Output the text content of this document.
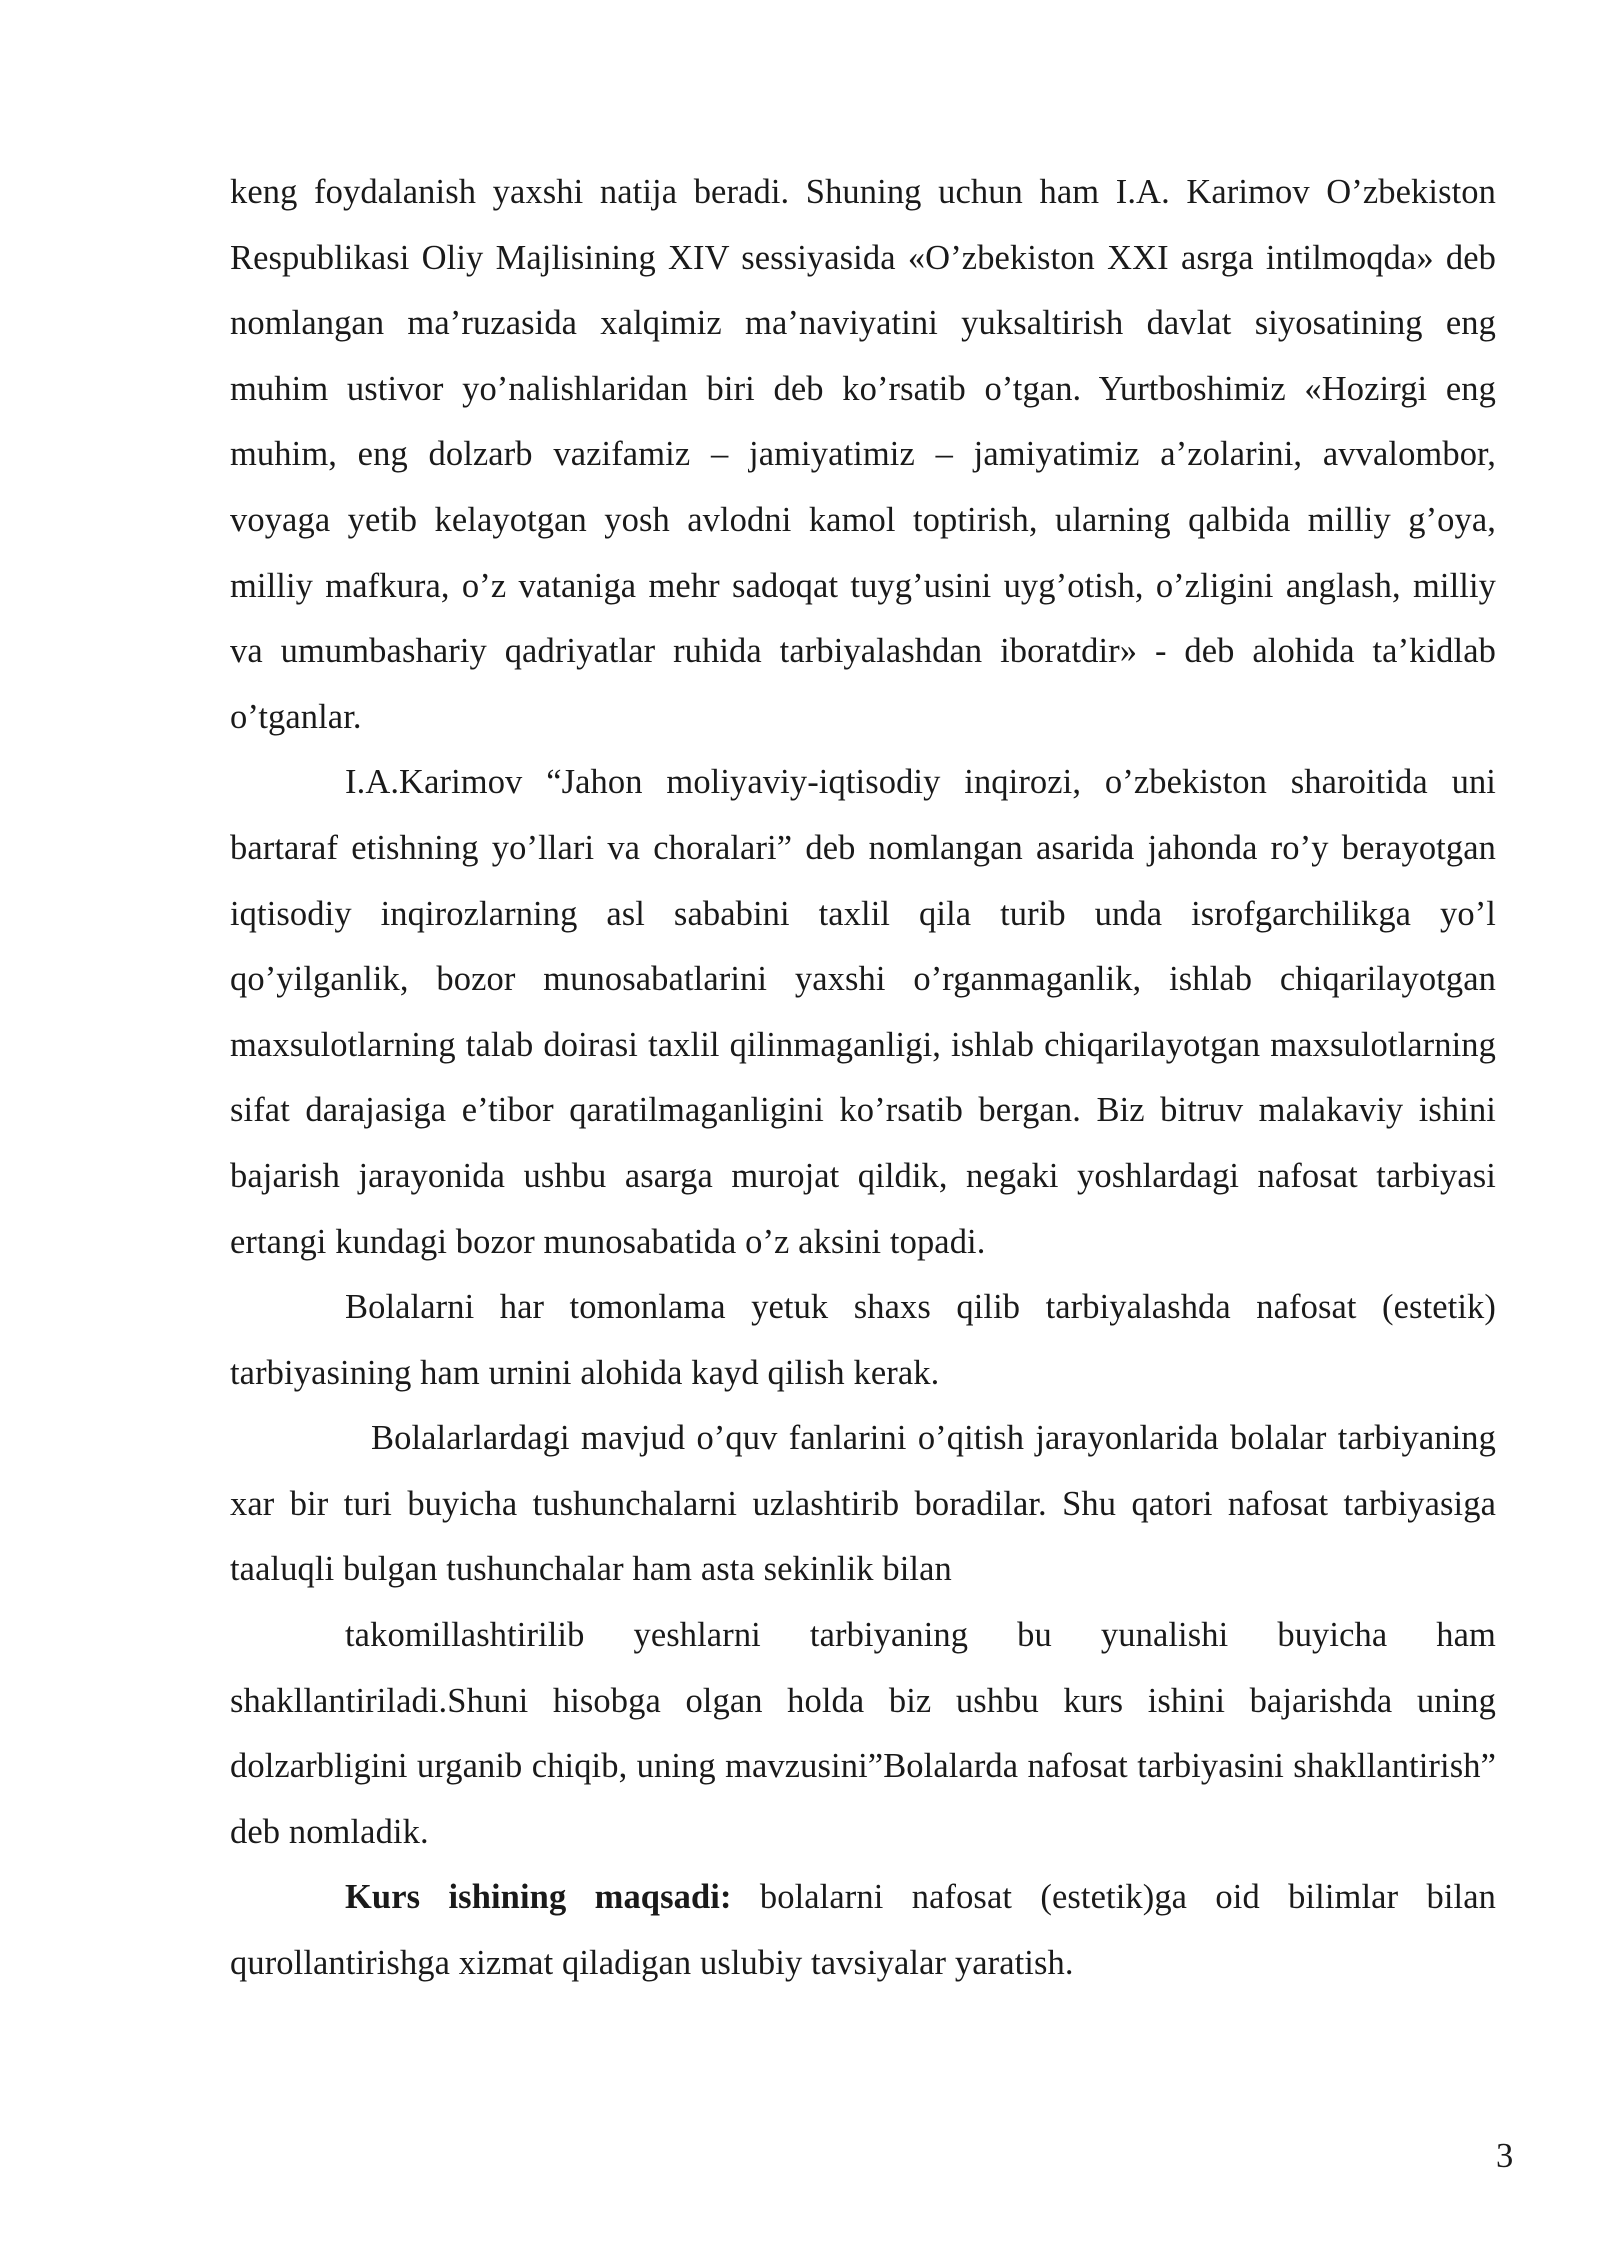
keng foydalanish yaxshi natija beradi. Shuning uchun ham I.A. Karimov O’zbekiston Respublikasi Oliy Majlisining XIV sessiyasida «O’zbekiston XXI asrga intilmoqda» deb nomlangan ma’ruzasida xalqimiz ma’naviyatini yuksaltirish davlat siyosatining eng muhim ustivor yo’nalishlaridan biri deb ko’rsatib o’tgan. Yurtboshimiz «Hozirgi eng muhim, eng dolzarb vazifamiz – jamiyatimiz – jamiyatimiz a’zolarini, avvalombor, voyaga yetib kelayotgan yosh avlodni kamol toptirish, ularning qalbida milliy g’oya, milliy mafkura, o’z vataniga mehr sadoqat tuyg’usini uyg’otish, o’zligini anglash, milliy va umumbashariy qadriyatlar ruhida tarbiyalashdan iboratdir» - deb alohida ta’kidlab o’tganlar.

I.A.Karimov “Jahon moliyaviy-iqtisodiy inqirozi, o’zbekiston sharoitida uni bartaraf etishning yo’llari va choralari” deb nomlangan asarida jahonda ro’y berayotgan iqtisodiy inqirozlarning asl sababini taxlil qila turib unda isrofgarchilikga yo’l qo’yilganlik, bozor munosabatlarini yaxshi o’rganmaganlik, ishlab chiqarilayotgan maxsulotlarning talab doirasi taxlil qilinmaganligi, ishlab chiqarilayotgan maxsulotlarning sifat darajasiga e’tibor qaratilmaganligini ko’rsatib bergan. Biz bitruv malakaviy ishini bajarish jarayonida ushbu asarga murojat qildik, negaki yoshlardagi nafosat tarbiyasi ertangi kundagi bozor munosabatida o’z aksini topadi.

Bolalarni har tomonlama yetuk shaxs qilib tarbiyalashda nafosat (estetik) tarbiyasining ham urnini alohida kayd qilish kerak.

Bolalarlardagi mavjud o’quv fanlarini o’qitish jarayonlarida bolalar tarbiyaning xar bir turi buyicha tushunchalarni uzlashtirib boradilar. Shu qatori nafosat tarbiyasiga taaluqli bulgan tushunchalar ham asta sekinlik bilan

takomillashtirilib yeshlarni tarbiyaning bu yunalishi buyicha ham shakllantiriladi.Shuni hisobga olgan holda biz ushbu kurs ishini bajarishda uning dolzarbligini urganib chiqib, uning mavzusini”Bolalarda nafosat tarbiyasini shakllantirish” deb nomladik.

Kurs ishining maqsadi: bolalarni nafosat (estetik)ga oid bilimlar bilan qurollantirishga xizmat qiladigan uslubiy tavsiyalar yaratish.

3
